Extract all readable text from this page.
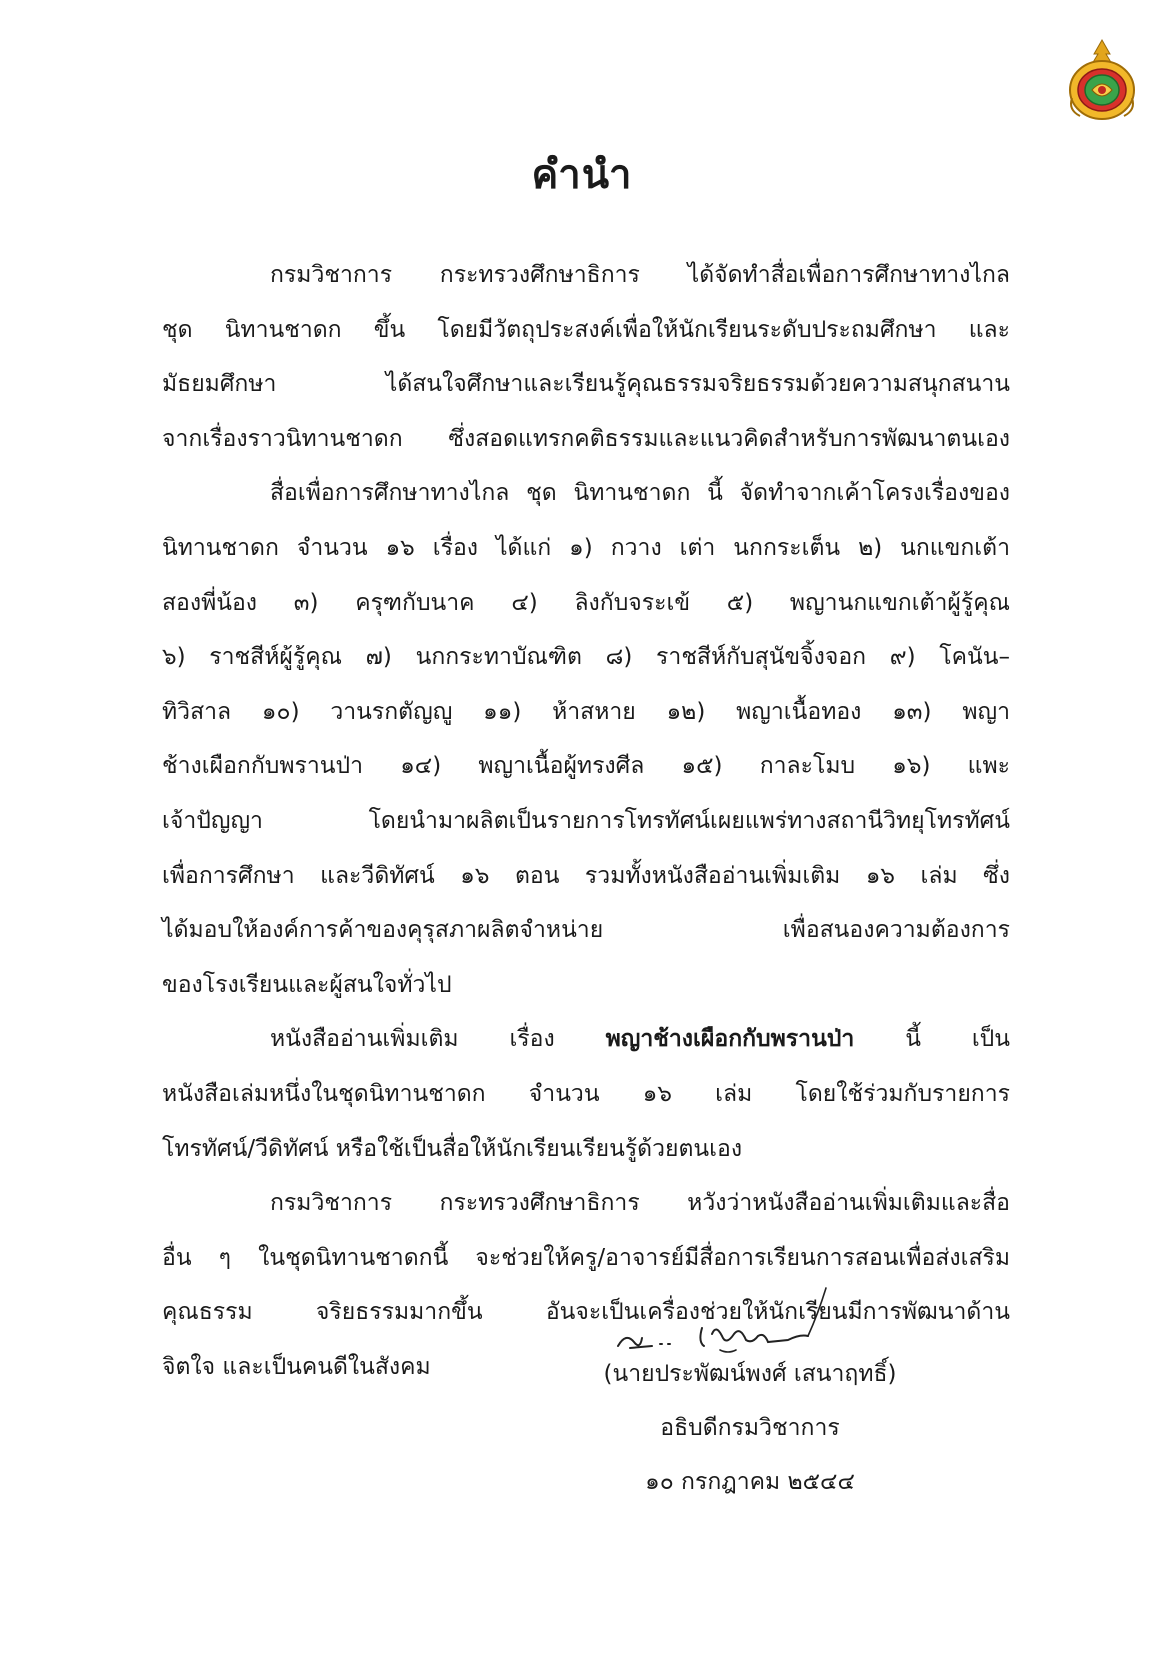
คำนำ
กรมวิชาการ กระทรวงศึกษาธิการ ได้จัดทำสื่อเพื่อการศึกษาทางไกล
ชุด นิทานชาดก ขึ้น โดยมีวัตถุประสงค์เพื่อให้นักเรียนระดับประถมศึกษา และ
มัธยมศึกษา ได้สนใจศึกษาและเรียนรู้คุณธรรมจริยธรรมด้วยความสนุกสนาน
จากเรื่องราวนิทานชาดก ซึ่งสอดแทรกคติธรรมและแนวคิดสำหรับการพัฒนาตนเอง
สื่อเพื่อการศึกษาทางไกล ชุด นิทานชาดก นี้ จัดทำจากเค้าโครงเรื่องของ
นิทานชาดก จำนวน ๑๖ เรื่อง ได้แก่ ๑) กวาง เต่า นกกระเต็น ๒) นกแขกเต้า
สองพี่น้อง ๓) ครุฑกับนาค ๔) ลิงกับจระเข้ ๕) พญานกแขกเต้าผู้รู้คุณ
๖) ราชสีห์ผู้รู้คุณ ๗) นกกระทาบัณฑิต ๘) ราชสีห์กับสุนัขจิ้งจอก ๙) โคนัน–
ทิวิสาล ๑๐) วานรกตัญญู ๑๑) ห้าสหาย ๑๒) พญาเนื้อทอง ๑๓) พญา
ช้างเผือกกับพรานป่า ๑๔) พญาเนื้อผู้ทรงศีล ๑๕) กาละโมบ ๑๖) แพะ
เจ้าปัญญา โดยนำมาผลิตเป็นรายการโทรทัศน์เผยแพร่ทางสถานีวิทยุโทรทัศน์
เพื่อการศึกษา และวีดิทัศน์ ๑๖ ตอน รวมทั้งหนังสืออ่านเพิ่มเติม ๑๖ เล่ม ซึ่ง
ได้มอบให้องค์การค้าของคุรุสภาผลิตจำหน่าย เพื่อสนองความต้องการ
ของโรงเรียนและผู้สนใจทั่วไป
หนังสืออ่านเพิ่มเติม เรื่อง พญาช้างเผือกกับพรานป่า นี้ เป็น
หนังสือเล่มหนึ่งในชุดนิทานชาดก จำนวน ๑๖ เล่ม โดยใช้ร่วมกับรายการ
โทรทัศน์/วีดิทัศน์ หรือใช้เป็นสื่อให้นักเรียนเรียนรู้ด้วยตนเอง
กรมวิชาการ กระทรวงศึกษาธิการ หวังว่าหนังสืออ่านเพิ่มเติมและสื่อ
อื่น ๆ ในชุดนิทานชาดกนี้ จะช่วยให้ครู/อาจารย์มีสื่อการเรียนการสอนเพื่อส่งเสริม
คุณธรรม จริยธรรมมากขึ้น อันจะเป็นเครื่องช่วยให้นักเรียนมีการพัฒนาด้าน
จิตใจ และเป็นคนดีในสังคม	(นายประพัฒน์พงศ์ เสนาฤทธิ์)
อธิบดีกรมวิชาการ
๑๐ กรกฎาคม ๒๕๔๔
